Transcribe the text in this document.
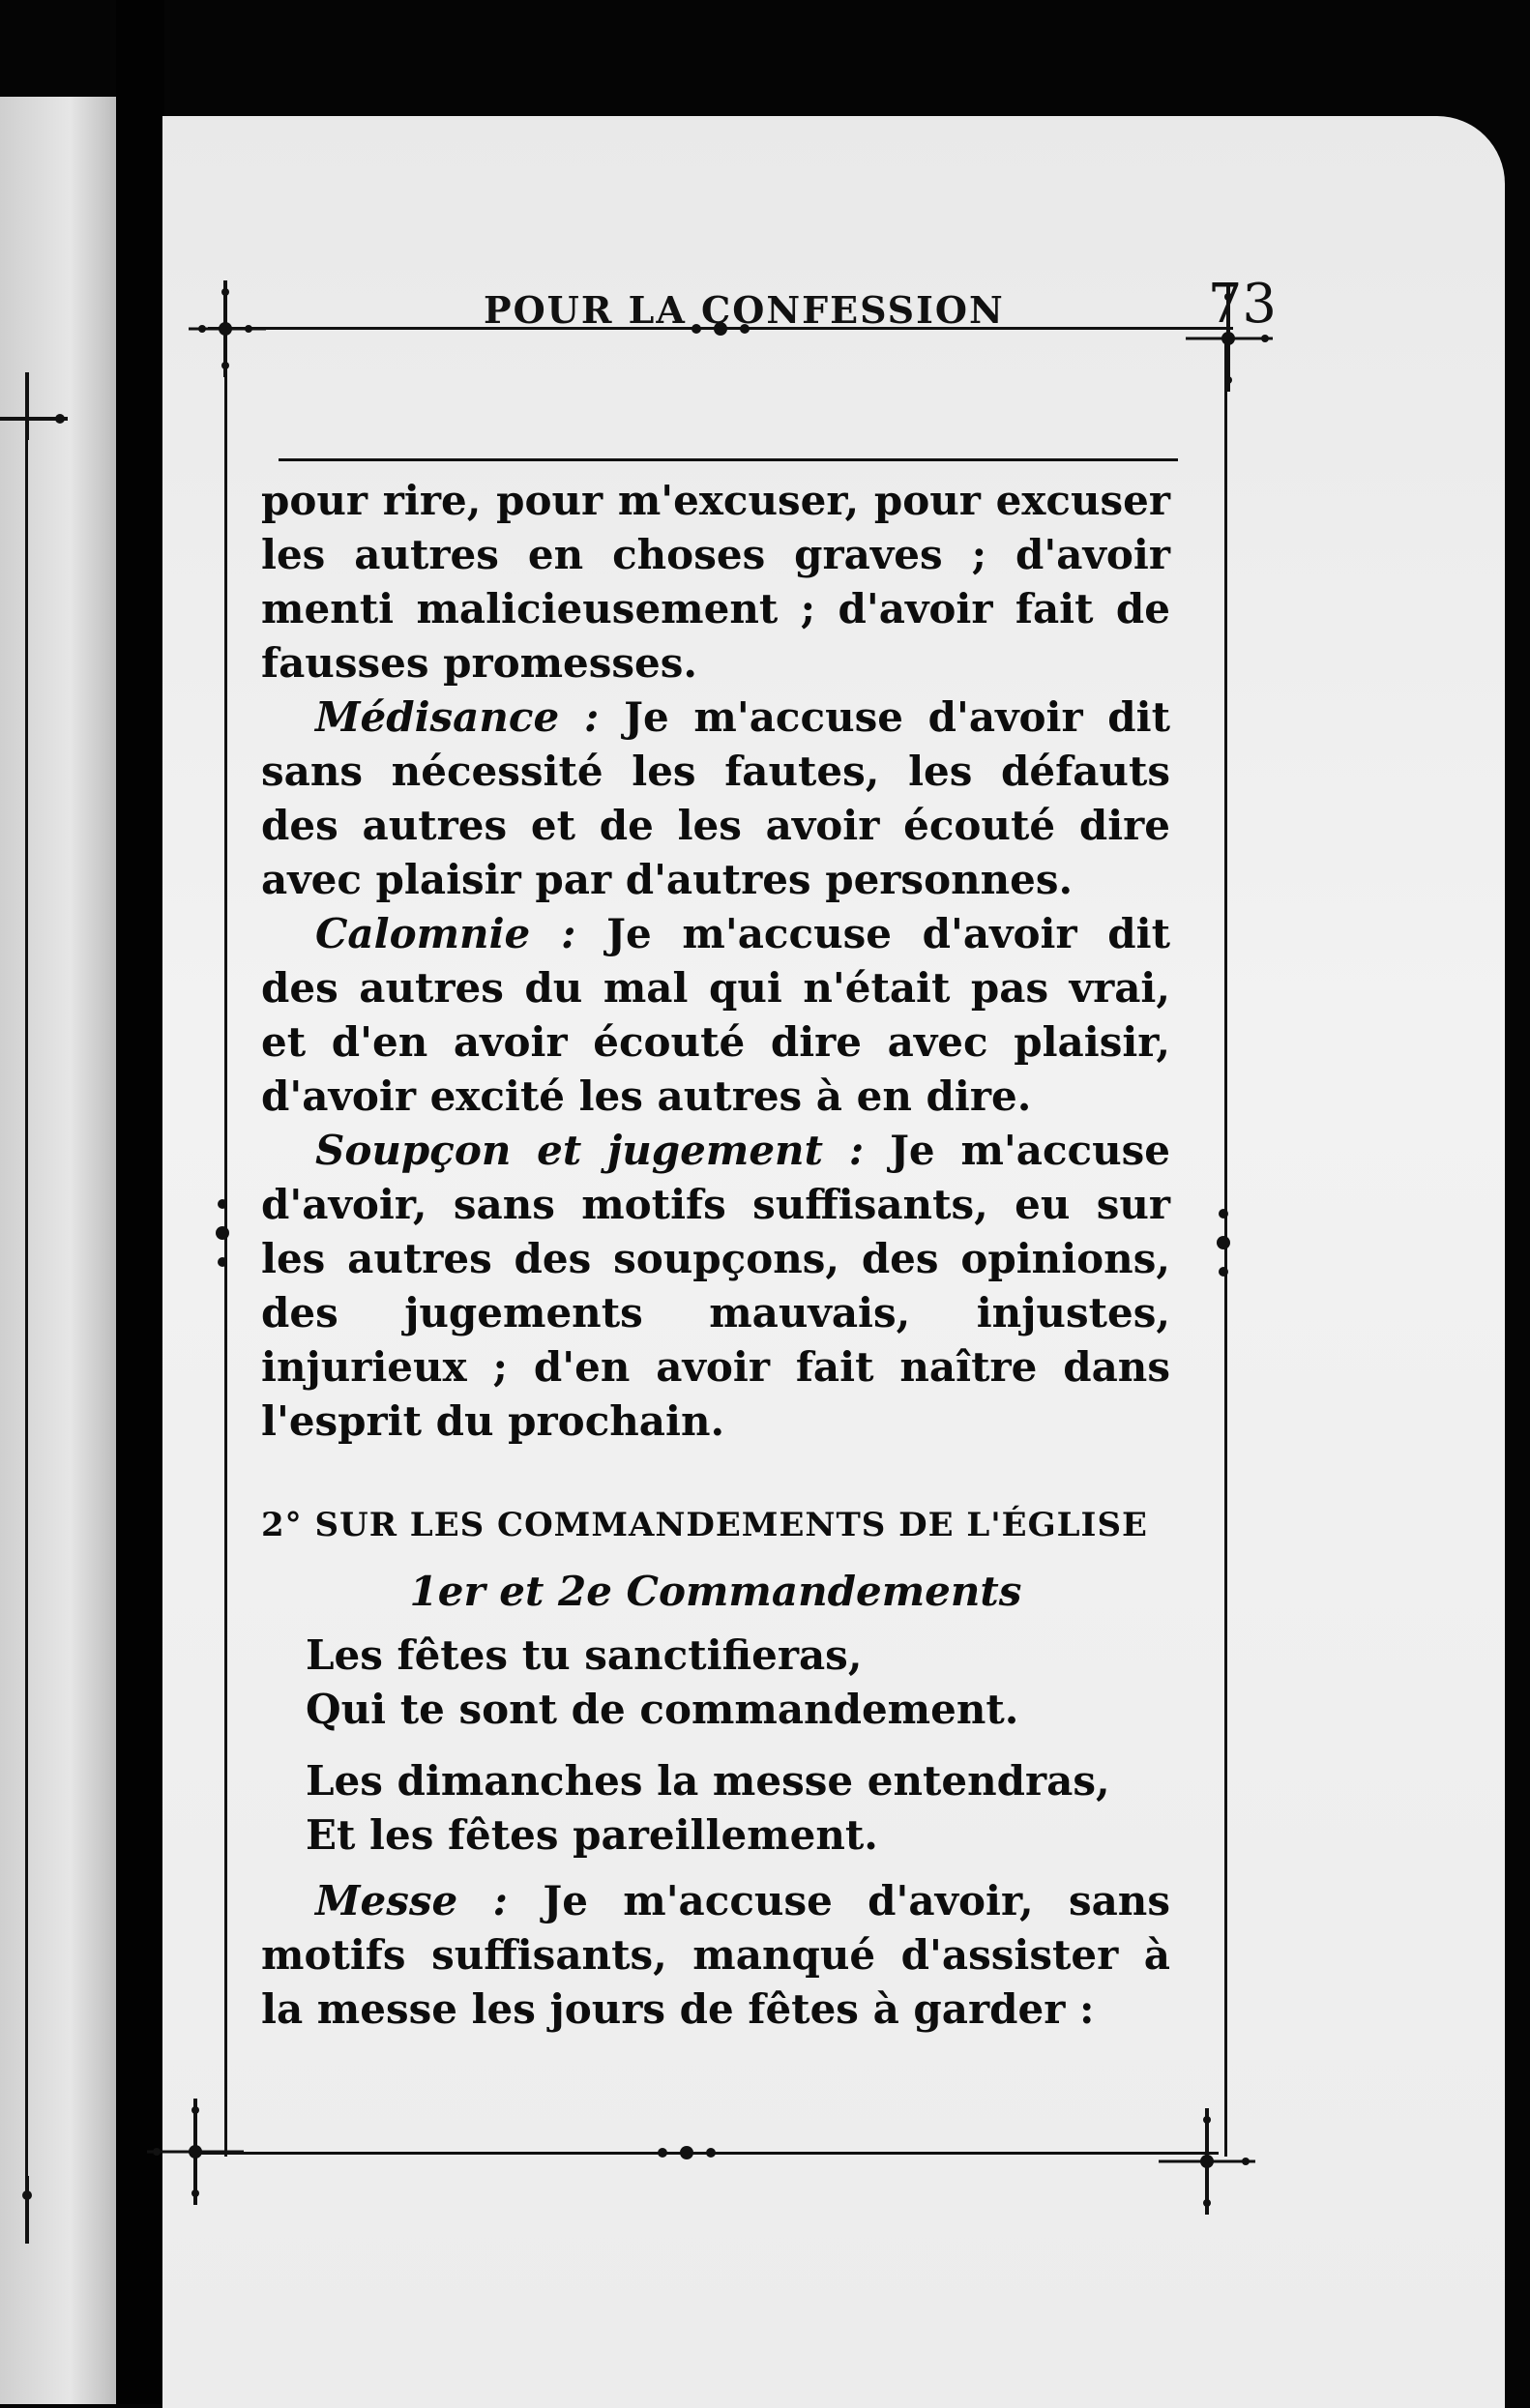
POUR LA CONFESSION	73

pour rire, pour m'excuser, pour excuser les autres en choses graves ; d'avoir menti malicieusement ; d'avoir fait de fausses promesses.

Médisance : Je m'accuse d'avoir dit sans nécessité les fautes, les défauts des autres et de les avoir écouté dire avec plaisir par d'autres personnes.

Calomnie : Je m'accuse d'avoir dit des autres du mal qui n'était pas vrai, et d'en avoir écouté dire avec plaisir, d'avoir excité les autres à en dire.

Soupçon et jugement : Je m'accuse d'avoir, sans motifs suffisants, eu sur les autres des soupçons, des opinions, des jugements mauvais, injustes, injurieux ; d'en avoir fait naître dans l'esprit du prochain.

2° SUR LES COMMANDEMENTS DE L'ÉGLISE

1er et 2e Commandements

Les fêtes tu sanctifieras,

Qui te sont de commandement.

Les dimanches la messe entendras,

Et les fêtes pareillement.

Messe : Je m'accuse d'avoir, sans motifs suffisants, manqué d'assister à la messe les jours de fêtes à garder :
